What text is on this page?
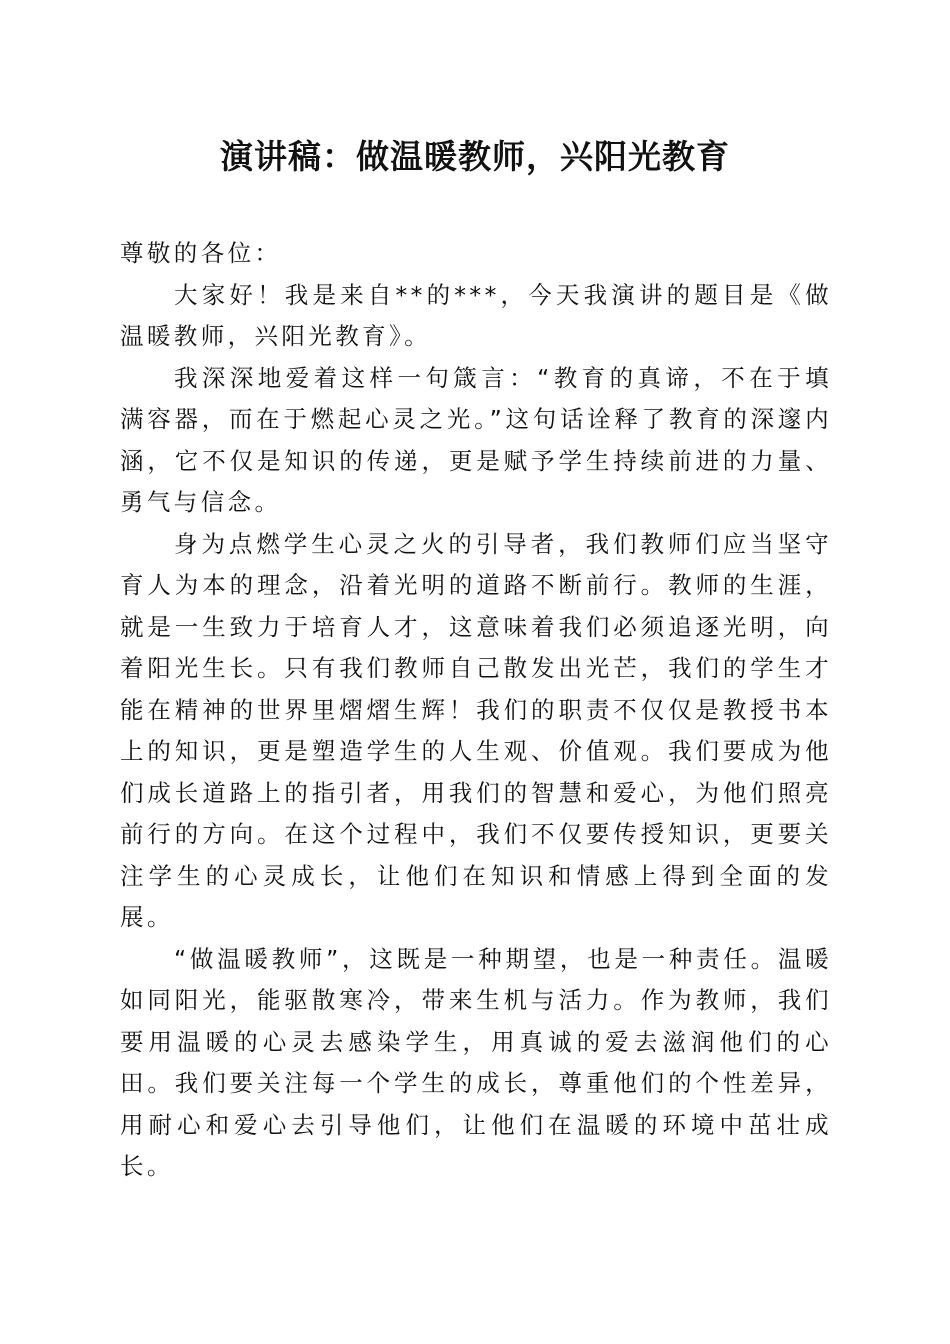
演讲稿：做温暖教师，兴阳光教育

尊敬的各位：

大家好！我是来自**的***，今天我演讲的题目是《做温暖教师，兴阳光教育》。

我深深地爱着这样一句箴言：“教育的真谛，不在于填满容器，而在于燃起心灵之光。”这句话诠释了教育的深邃内涵，它不仅是知识的传递，更是赋予学生持续前进的力量、勇气与信念。

身为点燃学生心灵之火的引导者，我们教师们应当坚守育人为本的理念，沿着光明的道路不断前行。教师的生涯，就是一生致力于培育人才，这意味着我们必须追逐光明，向着阳光生长。只有我们教师自己散发出光芒，我们的学生才能在精神的世界里熠熠生辉！我们的职责不仅仅是教授书本上的知识，更是塑造学生的人生观、价值观。我们要成为他们成长道路上的指引者，用我们的智慧和爱心，为他们照亮前行的方向。在这个过程中，我们不仅要传授知识，更要关注学生的心灵成长，让他们在知识和情感上得到全面的发展。

“做温暖教师”，这既是一种期望，也是一种责任。温暖如同阳光，能驱散寒冷，带来生机与活力。作为教师，我们要用温暖的心灵去感染学生，用真诚的爱去滋润他们的心田。我们要关注每一个学生的成长，尊重他们的个性差异，用耐心和爱心去引导他们，让他们在温暖的环境中茁壮成长。
